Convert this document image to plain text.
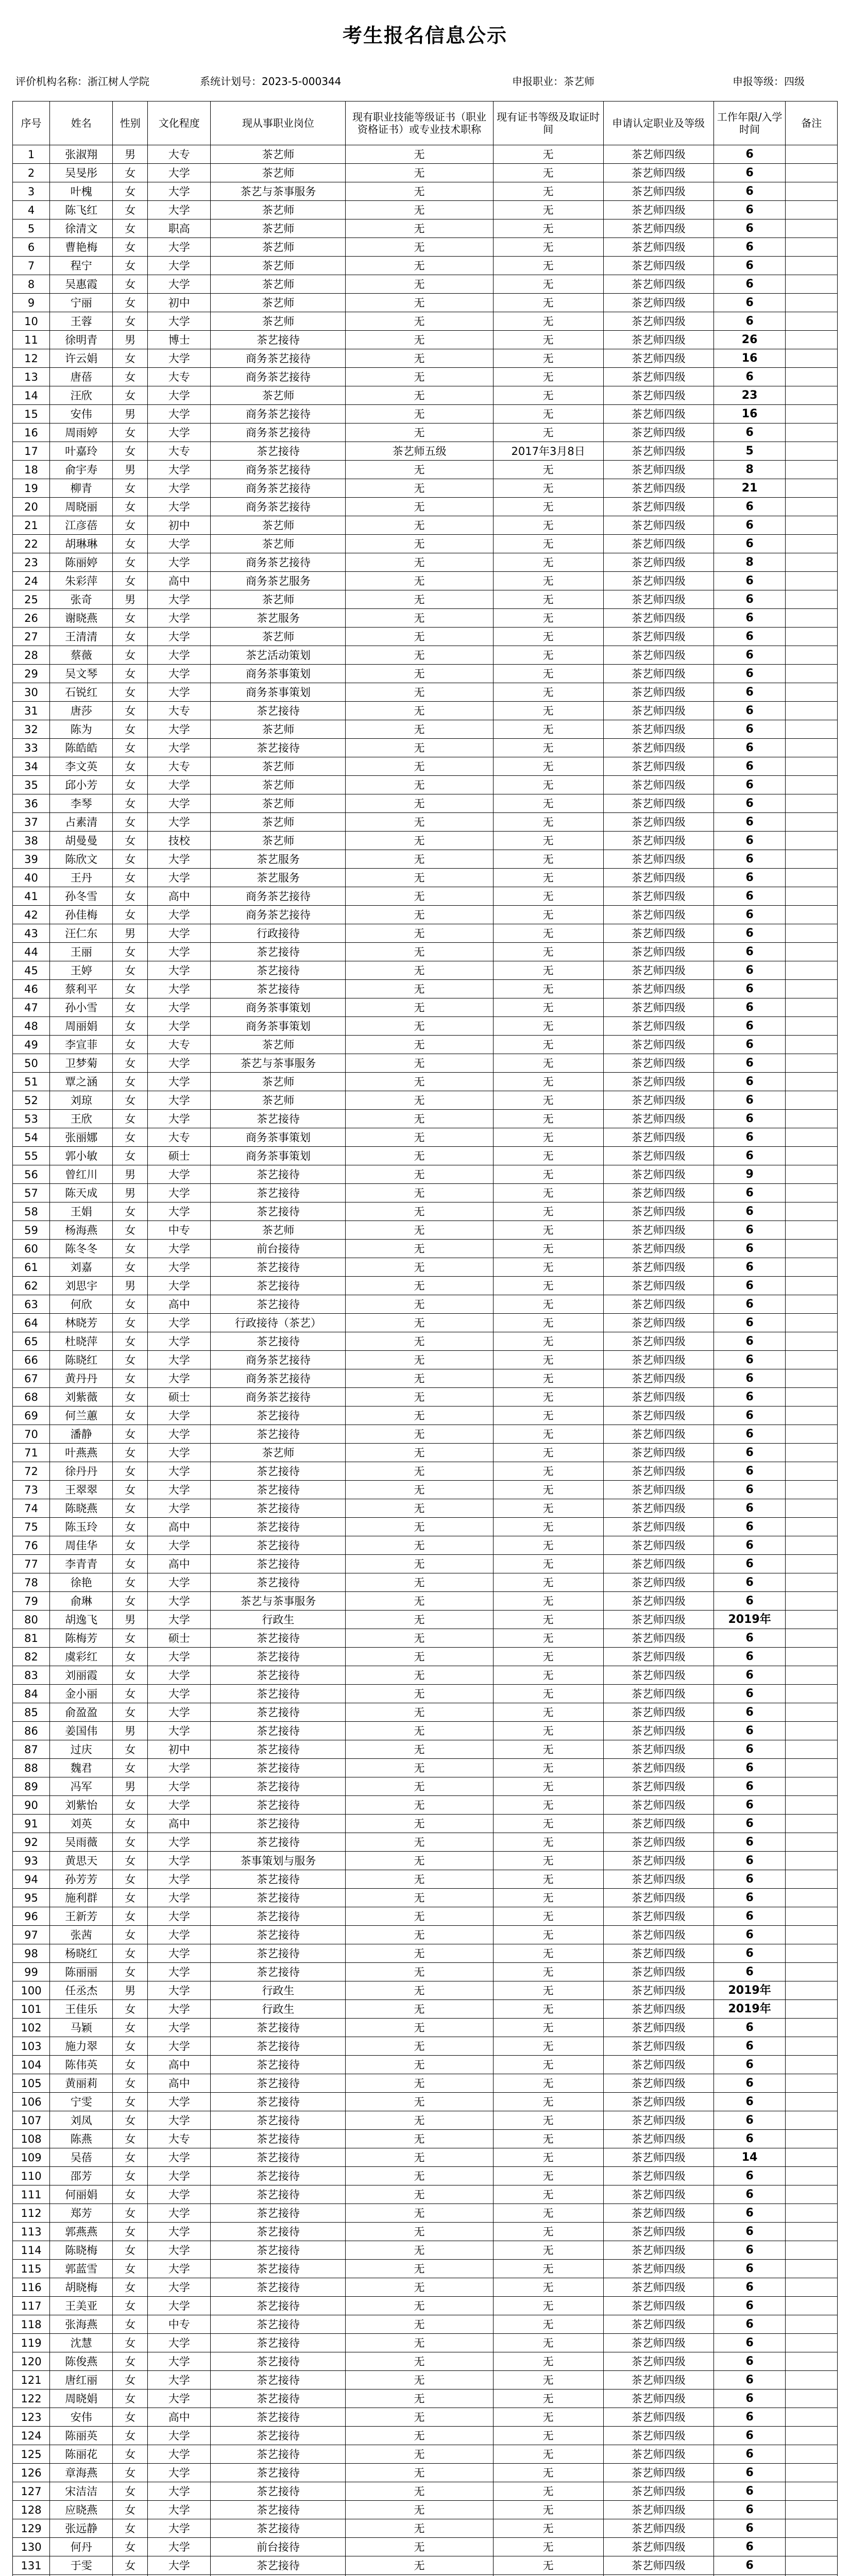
考生报名信息公示
评价机构名称：浙江树人学院	系统计划号：2023-5-000344	申报职业：茶艺师	申报等级：四级
序号	姓名	性别	文化程度	现从事职业岗位	现有职业技能等级证书（职业资格证书）或专业技术职称	现有证书等级及取证时间	申请认定职业及等级	工作年限/入学时间	备注
1	张淑翔	男	大专	茶艺师	无	无	茶艺师四级	6	
2	吴旻彤	女	大学	茶艺师	无	无	茶艺师四级	6	
3	叶槐	女	大学	茶艺与茶事服务	无	无	茶艺师四级	6	
4	陈飞红	女	大学	茶艺师	无	无	茶艺师四级	6	
5	徐清文	女	职高	茶艺师	无	无	茶艺师四级	6	
6	曹艳梅	女	大学	茶艺师	无	无	茶艺师四级	6	
7	程宁	女	大学	茶艺师	无	无	茶艺师四级	6	
8	吴惠霞	女	大学	茶艺师	无	无	茶艺师四级	6	
9	宁丽	女	初中	茶艺师	无	无	茶艺师四级	6	
10	王蓉	女	大学	茶艺师	无	无	茶艺师四级	6	
11	徐明青	男	博士	茶艺接待	无	无	茶艺师四级	26	
12	许云娟	女	大学	商务茶艺接待	无	无	茶艺师四级	16	
13	唐蓓	女	大专	商务茶艺接待	无	无	茶艺师四级	6	
14	汪欣	女	大学	茶艺师	无	无	茶艺师四级	23	
15	安伟	男	大学	商务茶艺接待	无	无	茶艺师四级	16	
16	周雨婷	女	大学	商务茶艺接待	无	无	茶艺师四级	6	
17	叶嘉玲	女	大专	茶艺接待	茶艺师五级	2017年3月8日	茶艺师四级	5	
18	俞宇寿	男	大学	商务茶艺接待	无	无	茶艺师四级	8	
19	柳青	女	大学	商务茶艺接待	无	无	茶艺师四级	21	
20	周晓丽	女	大学	商务茶艺接待	无	无	茶艺师四级	6	
21	江彦蓓	女	初中	茶艺师	无	无	茶艺师四级	6	
22	胡琳琳	女	大学	茶艺师	无	无	茶艺师四级	6	
23	陈丽婷	女	大学	商务茶艺接待	无	无	茶艺师四级	8	
24	朱彩萍	女	高中	商务茶艺服务	无	无	茶艺师四级	6	
25	张奇	男	大学	茶艺师	无	无	茶艺师四级	6	
26	谢晓燕	女	大学	茶艺服务	无	无	茶艺师四级	6	
27	王清清	女	大学	茶艺师	无	无	茶艺师四级	6	
28	蔡薇	女	大学	茶艺活动策划	无	无	茶艺师四级	6	
29	吴文琴	女	大学	商务茶事策划	无	无	茶艺师四级	6	
30	石锐红	女	大学	商务茶事策划	无	无	茶艺师四级	6	
31	唐莎	女	大专	茶艺接待	无	无	茶艺师四级	6	
32	陈为	女	大学	茶艺师	无	无	茶艺师四级	6	
33	陈皓皓	女	大学	茶艺接待	无	无	茶艺师四级	6	
34	李文英	女	大专	茶艺师	无	无	茶艺师四级	6	
35	邱小芳	女	大学	茶艺师	无	无	茶艺师四级	6	
36	李琴	女	大学	茶艺师	无	无	茶艺师四级	6	
37	占素清	女	大学	茶艺师	无	无	茶艺师四级	6	
38	胡曼曼	女	技校	茶艺师	无	无	茶艺师四级	6	
39	陈欣文	女	大学	茶艺服务	无	无	茶艺师四级	6	
40	王丹	女	大学	茶艺服务	无	无	茶艺师四级	6	
41	孙冬雪	女	高中	商务茶艺接待	无	无	茶艺师四级	6	
42	孙佳梅	女	大学	商务茶艺接待	无	无	茶艺师四级	6	
43	汪仁东	男	大学	行政接待	无	无	茶艺师四级	6	
44	王丽	女	大学	茶艺接待	无	无	茶艺师四级	6	
45	王婷	女	大学	茶艺接待	无	无	茶艺师四级	6	
46	蔡利平	女	大学	茶艺接待	无	无	茶艺师四级	6	
47	孙小雪	女	大学	商务茶事策划	无	无	茶艺师四级	6	
48	周丽娟	女	大学	商务茶事策划	无	无	茶艺师四级	6	
49	李宣菲	女	大专	茶艺师	无	无	茶艺师四级	6	
50	卫梦菊	女	大学	茶艺与茶事服务	无	无	茶艺师四级	6	
51	覃之涵	女	大学	茶艺师	无	无	茶艺师四级	6	
52	刘琼	女	大学	茶艺师	无	无	茶艺师四级	6	
53	王欣	女	大学	茶艺接待	无	无	茶艺师四级	6	
54	张丽娜	女	大专	商务茶事策划	无	无	茶艺师四级	6	
55	郭小敏	女	硕士	商务茶事策划	无	无	茶艺师四级	6	
56	曾红川	男	大学	茶艺接待	无	无	茶艺师四级	9	
57	陈天成	男	大学	茶艺接待	无	无	茶艺师四级	6	
58	王娟	女	大学	茶艺接待	无	无	茶艺师四级	6	
59	杨海燕	女	中专	茶艺师	无	无	茶艺师四级	6	
60	陈冬冬	女	大学	前台接待	无	无	茶艺师四级	6	
61	刘嘉	女	大学	茶艺接待	无	无	茶艺师四级	6	
62	刘思宇	男	大学	茶艺接待	无	无	茶艺师四级	6	
63	何欣	女	高中	茶艺接待	无	无	茶艺师四级	6	
64	林晓芳	女	大学	行政接待（茶艺）	无	无	茶艺师四级	6	
65	杜晓萍	女	大学	茶艺接待	无	无	茶艺师四级	6	
66	陈晓红	女	大学	商务茶艺接待	无	无	茶艺师四级	6	
67	黄丹丹	女	大学	商务茶艺接待	无	无	茶艺师四级	6	
68	刘紫薇	女	硕士	商务茶艺接待	无	无	茶艺师四级	6	
69	何兰蕙	女	大学	茶艺接待	无	无	茶艺师四级	6	
70	潘静	女	大学	茶艺接待	无	无	茶艺师四级	6	
71	叶燕燕	女	大学	茶艺师	无	无	茶艺师四级	6	
72	徐丹丹	女	大学	茶艺接待	无	无	茶艺师四级	6	
73	王翠翠	女	大学	茶艺接待	无	无	茶艺师四级	6	
74	陈晓燕	女	大学	茶艺接待	无	无	茶艺师四级	6	
75	陈玉玲	女	高中	茶艺接待	无	无	茶艺师四级	6	
76	周佳华	女	大学	茶艺接待	无	无	茶艺师四级	6	
77	李青青	女	高中	茶艺接待	无	无	茶艺师四级	6	
78	徐艳	女	大学	茶艺接待	无	无	茶艺师四级	6	
79	俞琳	女	大学	茶艺与茶事服务	无	无	茶艺师四级	6	
80	胡逸飞	男	大学	行政生	无	无	茶艺师四级	2019年	
81	陈梅芳	女	硕士	茶艺接待	无	无	茶艺师四级	6	
82	虞彩红	女	大学	茶艺接待	无	无	茶艺师四级	6	
83	刘丽霞	女	大学	茶艺接待	无	无	茶艺师四级	6	
84	金小丽	女	大学	茶艺接待	无	无	茶艺师四级	6	
85	俞盈盈	女	大学	茶艺接待	无	无	茶艺师四级	6	
86	姜国伟	男	大学	茶艺接待	无	无	茶艺师四级	6	
87	过庆	女	初中	茶艺接待	无	无	茶艺师四级	6	
88	魏君	女	大学	茶艺接待	无	无	茶艺师四级	6	
89	冯军	男	大学	茶艺接待	无	无	茶艺师四级	6	
90	刘紫怡	女	大学	茶艺接待	无	无	茶艺师四级	6	
91	刘英	女	高中	茶艺接待	无	无	茶艺师四级	6	
92	吴雨薇	女	大学	茶艺接待	无	无	茶艺师四级	6	
93	黄思天	女	大学	茶事策划与服务	无	无	茶艺师四级	6	
94	孙芳芳	女	大学	茶艺接待	无	无	茶艺师四级	6	
95	施利群	女	大学	茶艺接待	无	无	茶艺师四级	6	
96	王新芳	女	大学	茶艺接待	无	无	茶艺师四级	6	
97	张茜	女	大学	茶艺接待	无	无	茶艺师四级	6	
98	杨晓红	女	大学	茶艺接待	无	无	茶艺师四级	6	
99	陈丽丽	女	大学	茶艺接待	无	无	茶艺师四级	6	
100	任丞杰	男	大学	行政生	无	无	茶艺师四级	2019年	
101	王佳乐	女	大学	行政生	无	无	茶艺师四级	2019年	
102	马颖	女	大学	茶艺接待	无	无	茶艺师四级	6	
103	施力翠	女	大学	茶艺接待	无	无	茶艺师四级	6	
104	陈伟英	女	高中	茶艺接待	无	无	茶艺师四级	6	
105	黄丽莉	女	高中	茶艺接待	无	无	茶艺师四级	6	
106	宁雯	女	大学	茶艺接待	无	无	茶艺师四级	6	
107	刘凤	女	大学	茶艺接待	无	无	茶艺师四级	6	
108	陈燕	女	大专	茶艺接待	无	无	茶艺师四级	6	
109	吴蓓	女	大学	茶艺接待	无	无	茶艺师四级	14	
110	邵芳	女	大学	茶艺接待	无	无	茶艺师四级	6	
111	何丽娟	女	大学	茶艺接待	无	无	茶艺师四级	6	
112	郑芳	女	大学	茶艺接待	无	无	茶艺师四级	6	
113	郭燕燕	女	大学	茶艺接待	无	无	茶艺师四级	6	
114	陈晓梅	女	大学	茶艺接待	无	无	茶艺师四级	6	
115	郭蓝雪	女	大学	茶艺接待	无	无	茶艺师四级	6	
116	胡晓梅	女	大学	茶艺接待	无	无	茶艺师四级	6	
117	王美亚	女	大学	茶艺接待	无	无	茶艺师四级	6	
118	张海燕	女	中专	茶艺接待	无	无	茶艺师四级	6	
119	沈慧	女	大学	茶艺接待	无	无	茶艺师四级	6	
120	陈俊燕	女	大学	茶艺接待	无	无	茶艺师四级	6	
121	唐红丽	女	大学	茶艺接待	无	无	茶艺师四级	6	
122	周晓娟	女	大学	茶艺接待	无	无	茶艺师四级	6	
123	安伟	女	高中	茶艺接待	无	无	茶艺师四级	6	
124	陈丽英	女	大学	茶艺接待	无	无	茶艺师四级	6	
125	陈丽花	女	大学	茶艺接待	无	无	茶艺师四级	6	
126	章海燕	女	大学	茶艺接待	无	无	茶艺师四级	6	
127	宋洁洁	女	大学	茶艺接待	无	无	茶艺师四级	6	
128	应晓燕	女	大学	茶艺接待	无	无	茶艺师四级	6	
129	张远静	女	大学	茶艺接待	无	无	茶艺师四级	6	
130	何丹	女	大学	前台接待	无	无	茶艺师四级	6	
131	于雯	女	大学	茶艺接待	无	无	茶艺师四级	6	
